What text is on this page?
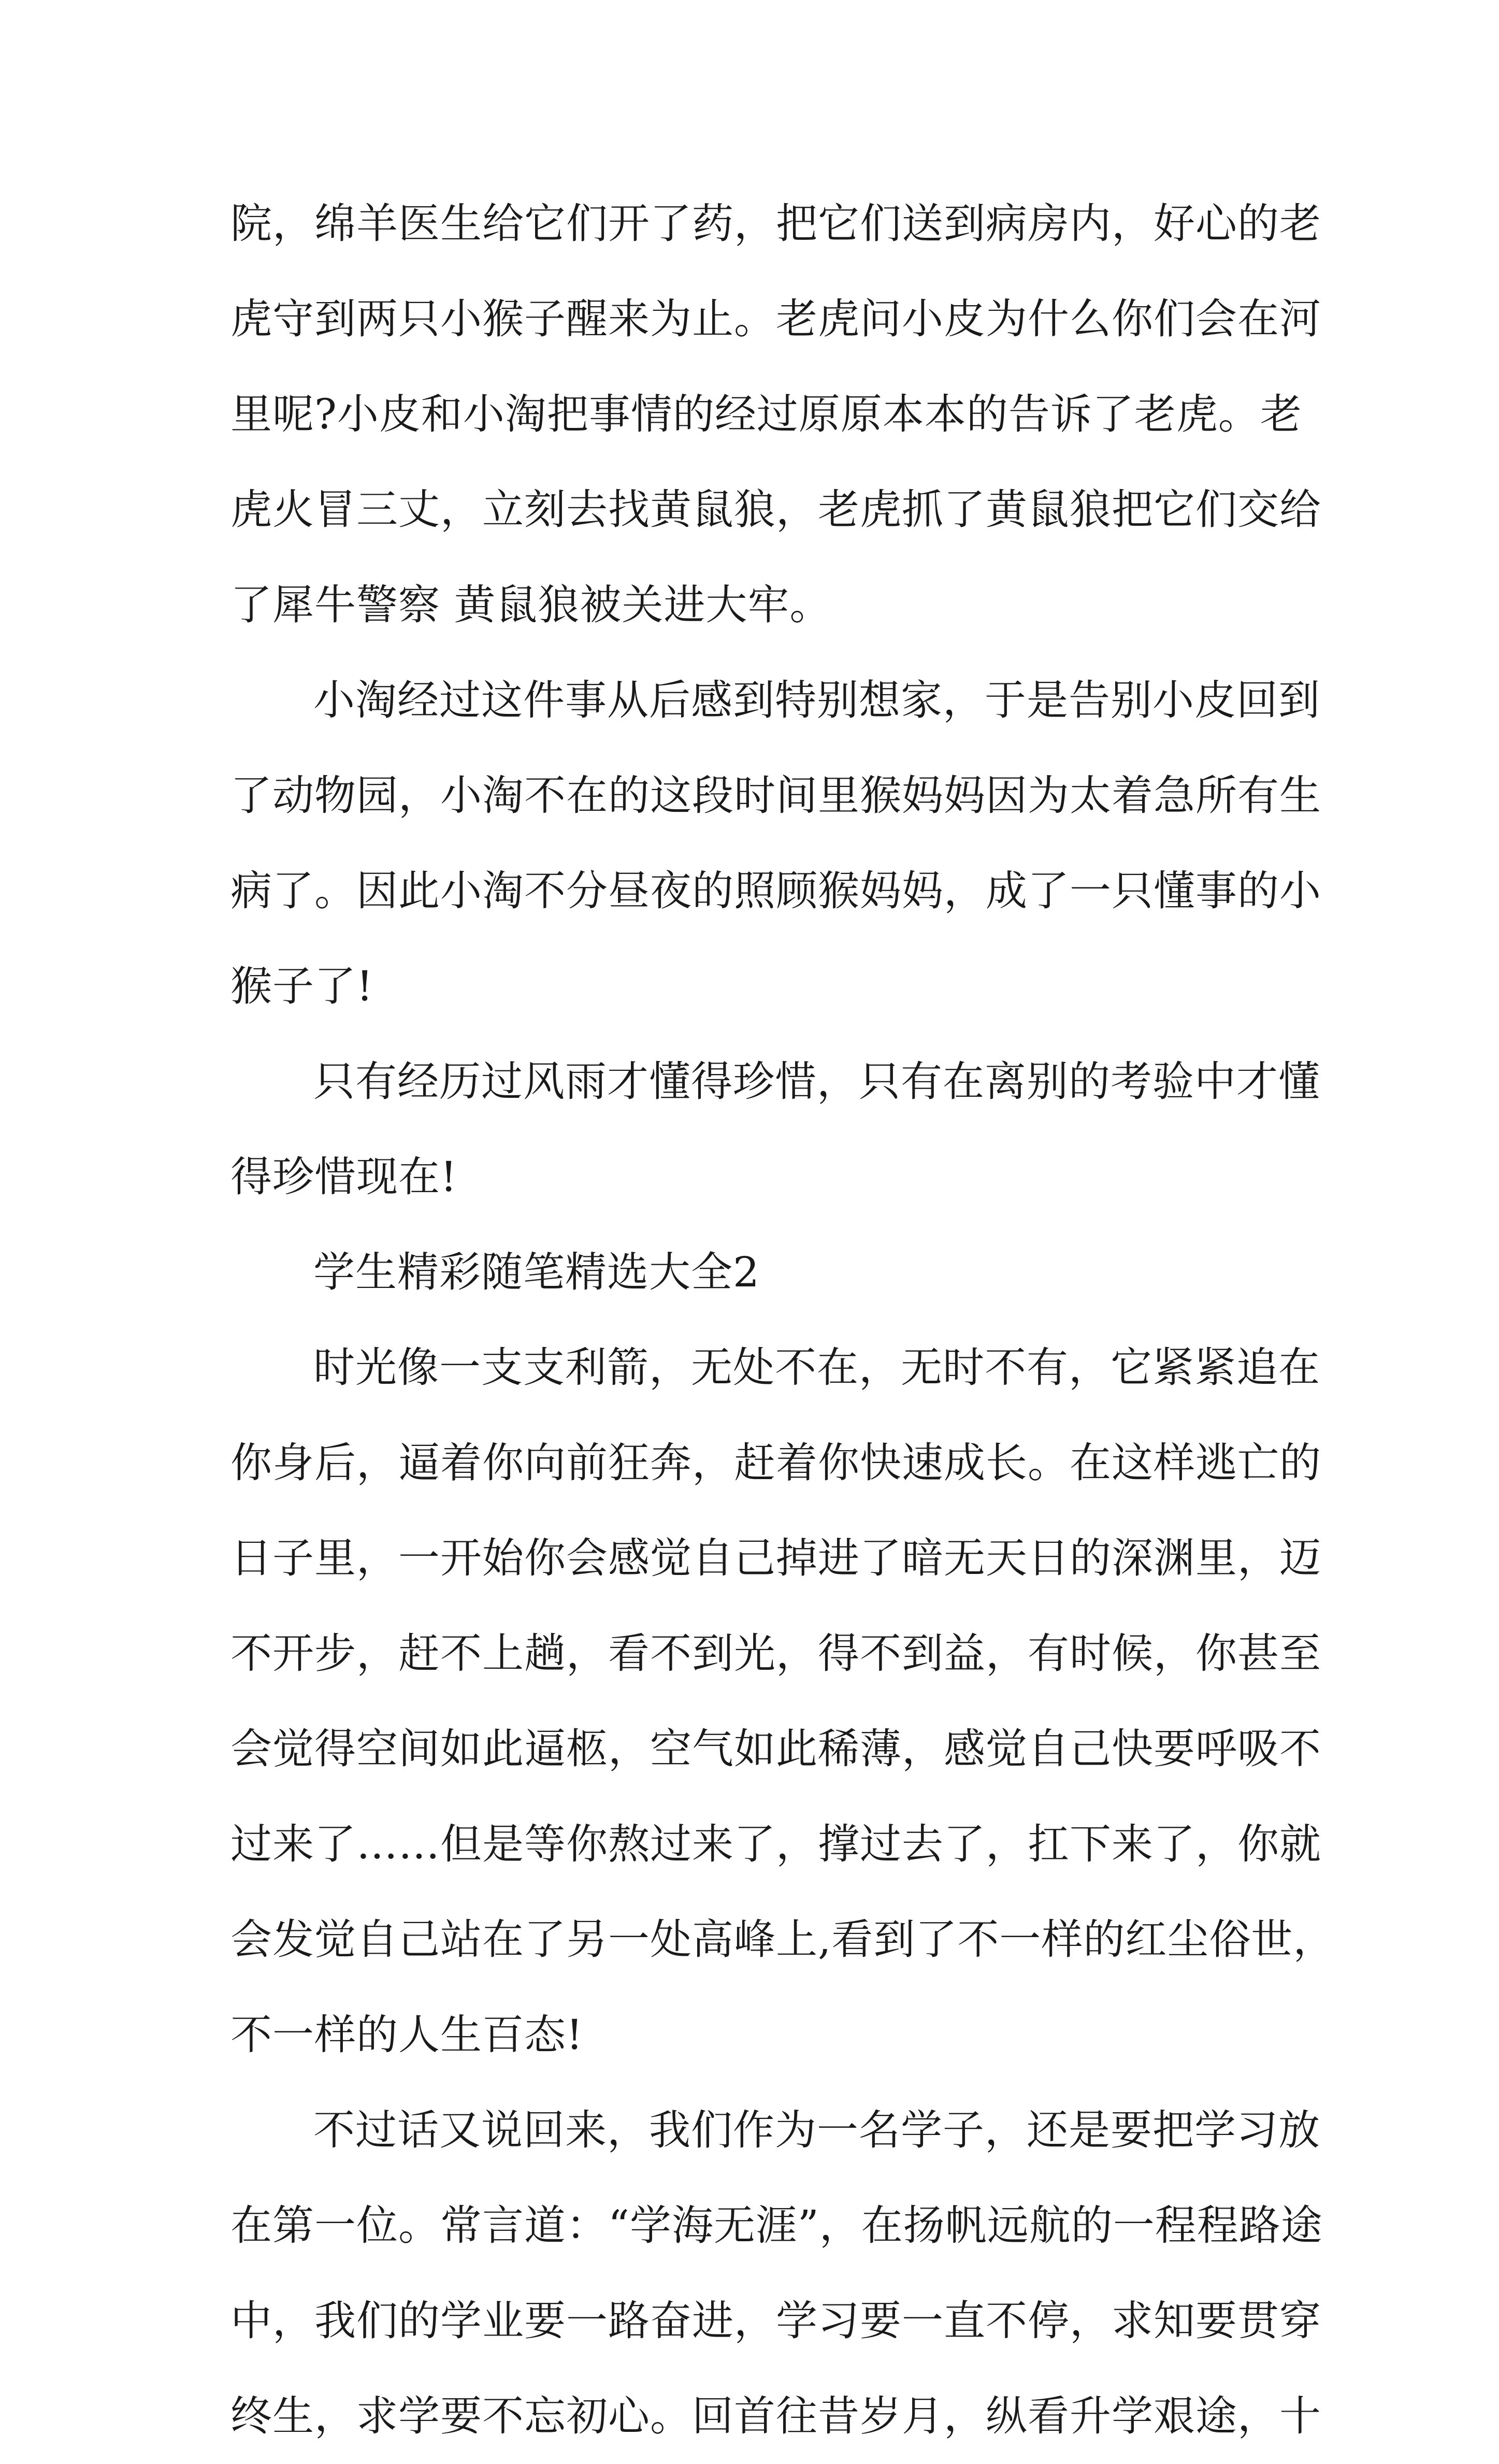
院，绵羊医生给它们开了药，把它们送到病房内，好心的老
虎守到两只小猴子醒来为止。老虎问小皮为什么你们会在河
里呢?小皮和小淘把事情的经过原原本本的告诉了老虎。老
虎火冒三丈，立刻去找黄鼠狼，老虎抓了黄鼠狼把它们交给
了犀牛警察 黄鼠狼被关进大牢。
小淘经过这件事从后感到特别想家，于是告别小皮回到
了动物园，小淘不在的这段时间里猴妈妈因为太着急所有生
病了。因此小淘不分昼夜的照顾猴妈妈，成了一只懂事的小
猴子了!
只有经历过风雨才懂得珍惜，只有在离别的考验中才懂
得珍惜现在!
学生精彩随笔精选大全2
时光像一支支利箭，无处不在，无时不有，它紧紧追在
你身后，逼着你向前狂奔，赶着你快速成长。在这样逃亡的
日子里，一开始你会感觉自己掉进了暗无天日的深渊里，迈
不开步，赶不上趟，看不到光，得不到益，有时候，你甚至
会觉得空间如此逼柩，空气如此稀薄，感觉自己快要呼吸不
过来了……但是等你熬过来了，撑过去了，扛下来了，你就
会发觉自己站在了另一处高峰上,看到了不一样的红尘俗世，
不一样的人生百态!
不过话又说回来，我们作为一名学子，还是要把学习放
在第一位。常言道：“学海无涯”，在扬帆远航的一程程路途
中，我们的学业要一路奋进，学习要一直不停，求知要贯穿
终生，求学要不忘初心。回首往昔岁月，纵看升学艰途，十
